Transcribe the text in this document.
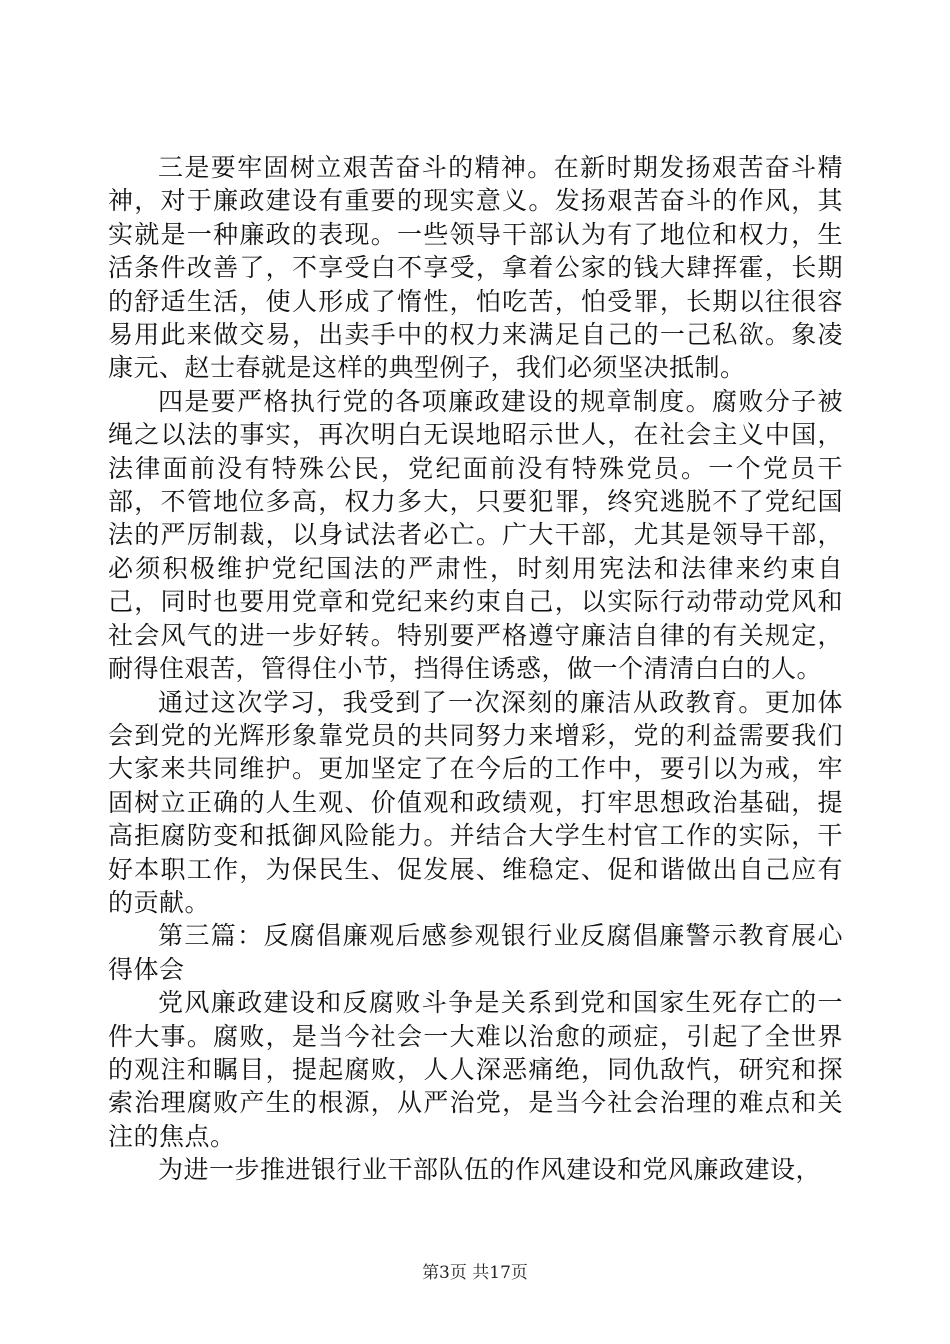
三是要牢固树立艰苦奋斗的精神。在新时期发扬艰苦奋斗精神，对于廉政建设有重要的现实意义。发扬艰苦奋斗的作风，其实就是一种廉政的表现。一些领导干部认为有了地位和权力，生活条件改善了，不享受白不享受，拿着公家的钱大肆挥霍，长期的舒适生活，使人形成了惰性，怕吃苦，怕受罪，长期以往很容易用此来做交易，出卖手中的权力来满足自己的一己私欲。象凌康元、赵士春就是这样的典型例子，我们必须坚决抵制。

四是要严格执行党的各项廉政建设的规章制度。腐败分子被绳之以法的事实，再次明白无误地昭示世人，在社会主义中国，法律面前没有特殊公民，党纪面前没有特殊党员。一个党员干部，不管地位多高，权力多大，只要犯罪，终究逃脱不了党纪国法的严厉制裁，以身试法者必亡。广大干部，尤其是领导干部，必须积极维护党纪国法的严肃性，时刻用宪法和法律来约束自己，同时也要用党章和党纪来约束自己，以实际行动带动党风和社会风气的进一步好转。特别要严格遵守廉洁自律的有关规定，耐得住艰苦，管得住小节，挡得住诱惑，做一个清清白白的人。

通过这次学习，我受到了一次深刻的廉洁从政教育。更加体会到党的光辉形象靠党员的共同努力来增彩，党的利益需要我们大家来共同维护。更加坚定了在今后的工作中，要引以为戒，牢固树立正确的人生观、价值观和政绩观，打牢思想政治基础，提高拒腐防变和抵御风险能力。并结合大学生村官工作的实际，干好本职工作，为保民生、促发展、维稳定、促和谐做出自己应有的贡献。

第三篇：反腐倡廉观后感参观银行业反腐倡廉警示教育展心得体会

党风廉政建设和反腐败斗争是关系到党和国家生死存亡的一件大事。腐败，是当今社会一大难以治愈的顽症，引起了全世界的观注和瞩目，提起腐败，人人深恶痛绝，同仇敌忾，研究和探索治理腐败产生的根源，从严治党，是当今社会治理的难点和关注的焦点。

为进一步推进银行业干部队伍的作风建设和党风廉政建设，

第3页 共17页
